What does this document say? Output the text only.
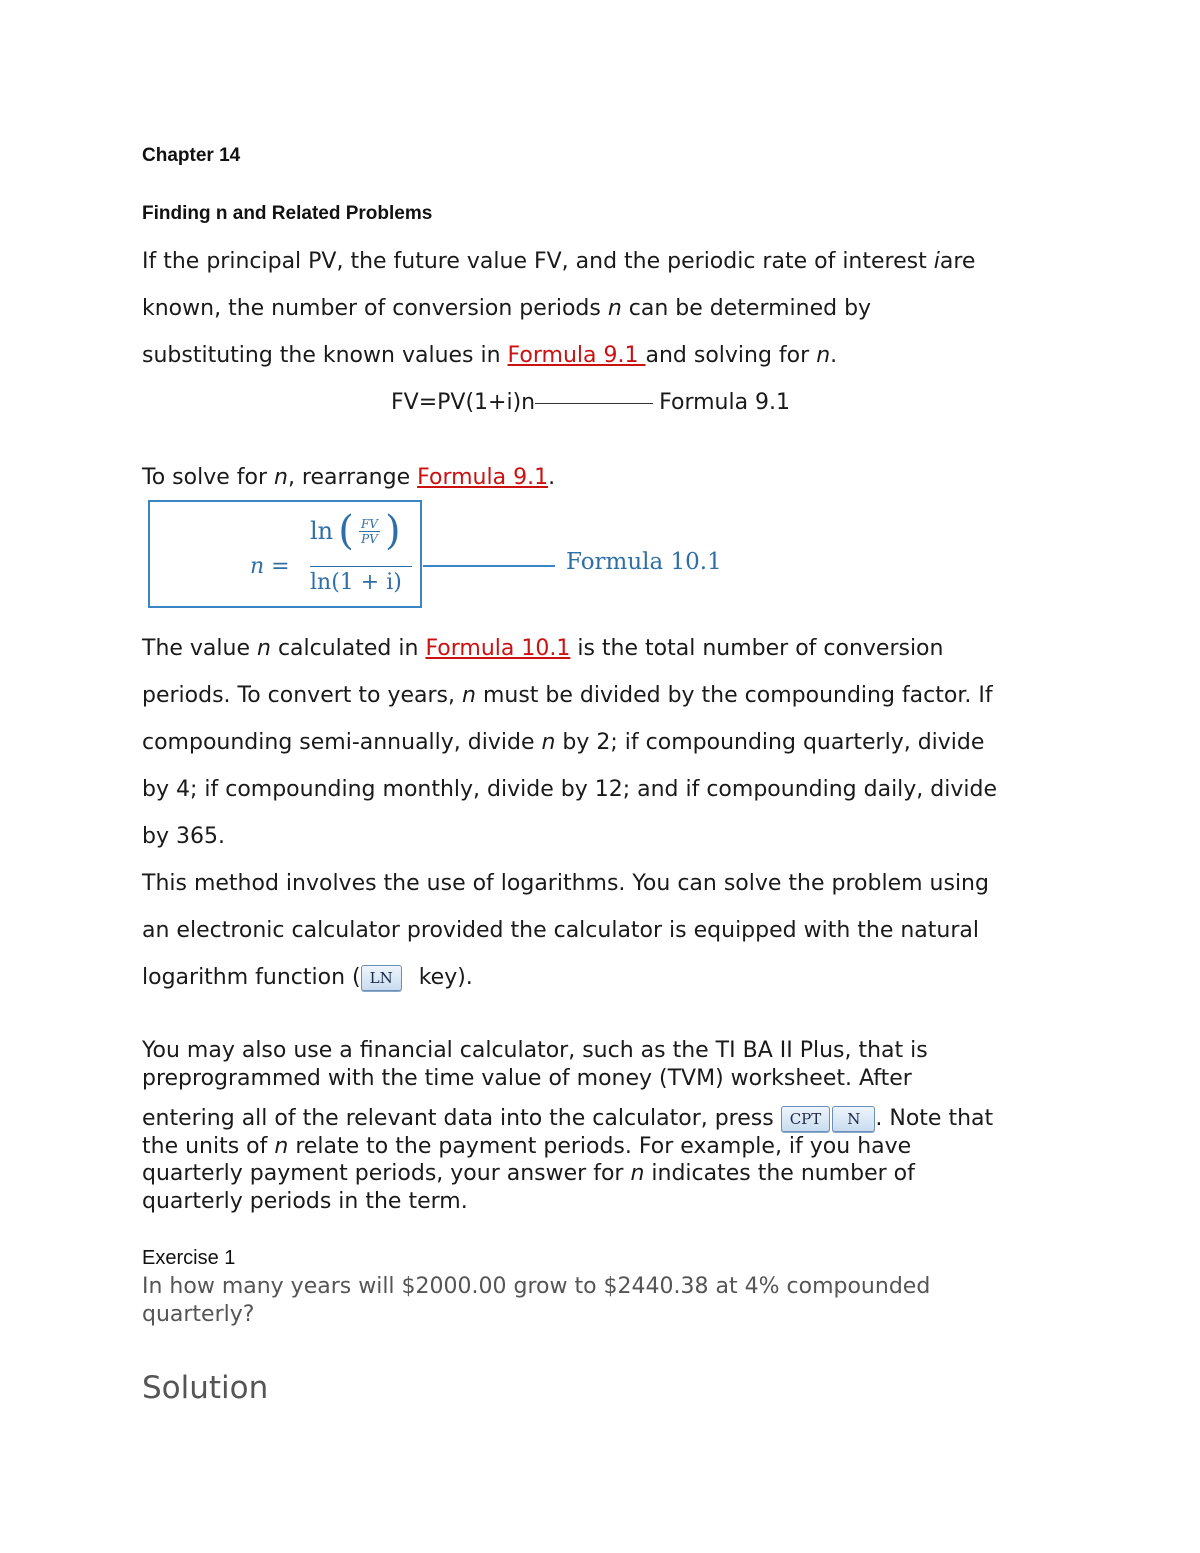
Chapter 14

Finding n and Related Problems

If the principal PV, the future value FV, and the periodic rate of interest iare
known, the number of conversion periods n can be determined by
substituting the known values in Formula 9.1 and solving for n.
FV=PV(1+i)n	Formula 9.1
To solve for n, rearrange Formula 9.1.
n =
ln ( $\frac{FV}{PV}$ )
ln(1 + i)
Formula 10.1
The value n calculated in Formula 10.1 is the total number of conversion
periods. To convert to years, n must be divided by the compounding factor. If
compounding semi-annually, divide n by 2; if compounding quarterly, divide
by 4; if compounding monthly, divide by 12; and if compounding daily, divide
by 365.
This method involves the use of logarithms. You can solve the problem using
an electronic calculator provided the calculator is equipped with the natural
logarithm function ( LN key).
You may also use a financial calculator, such as the TI BA II Plus, that is
preprogrammed with the time value of money (TVM) worksheet. After
entering all of the relevant data into the calculator, press CPT N . Note that
the units of n relate to the payment periods. For example, if you have
quarterly payment periods, your answer for n indicates the number of
quarterly periods in the term.

Exercise 1

In how many years will $2000.00 grow to $2440.38 at 4% compounded
quarterly?

Solution
